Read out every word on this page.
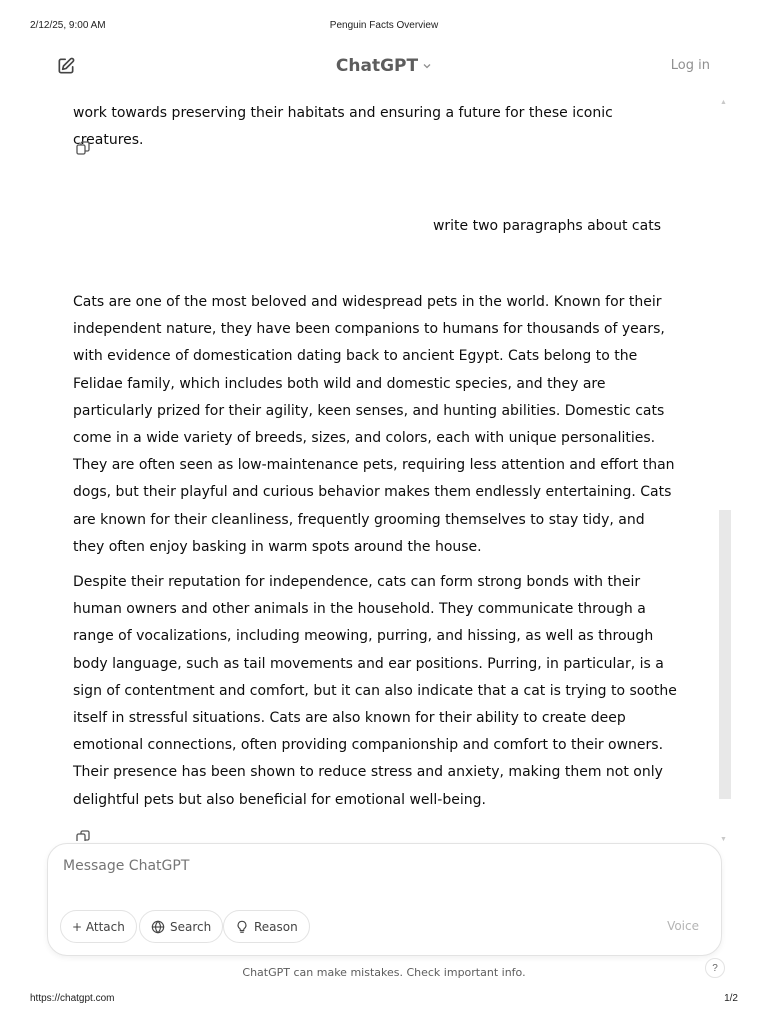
2/12/25, 9:00 AM	Penguin Facts Overview
ChatGPT	Log in
▲
work towards preserving their habitats and ensuring a future for these iconic creatures.
write two paragraphs about cats

Cats are one of the most beloved and widespread pets in the world. Known for their independent nature, they have been companions to humans for thousands of years, with evidence of domestication dating back to ancient Egypt. Cats belong to the Felidae family, which includes both wild and domestic species, and they are particularly prized for their agility, keen senses, and hunting abilities. Domestic cats come in a wide variety of breeds, sizes, and colors, each with unique personalities. They are often seen as low-maintenance pets, requiring less attention and effort than dogs, but their playful and curious behavior makes them endlessly entertaining. Cats are known for their cleanliness, frequently grooming themselves to stay tidy, and they often enjoy basking in warm spots around the house.

Despite their reputation for independence, cats can form strong bonds with their human owners and other animals in the household. They communicate through a range of vocalizations, including meowing, purring, and hissing, as well as through body language, such as tail movements and ear positions. Purring, in particular, is a sign of contentment and comfort, but it can also indicate that a cat is trying to soothe itself in stressful situations. Cats are also known for their ability to create deep emotional connections, often providing companionship and comfort to their owners. Their presence has been shown to reduce stress and anxiety, making them not only delightful pets but also beneficial for emotional well-being.

▼
Message ChatGPT
+ Attach	Search	Reason	Voice
ChatGPT can make mistakes. Check important info.	?
https://chatgpt.com	1/2
